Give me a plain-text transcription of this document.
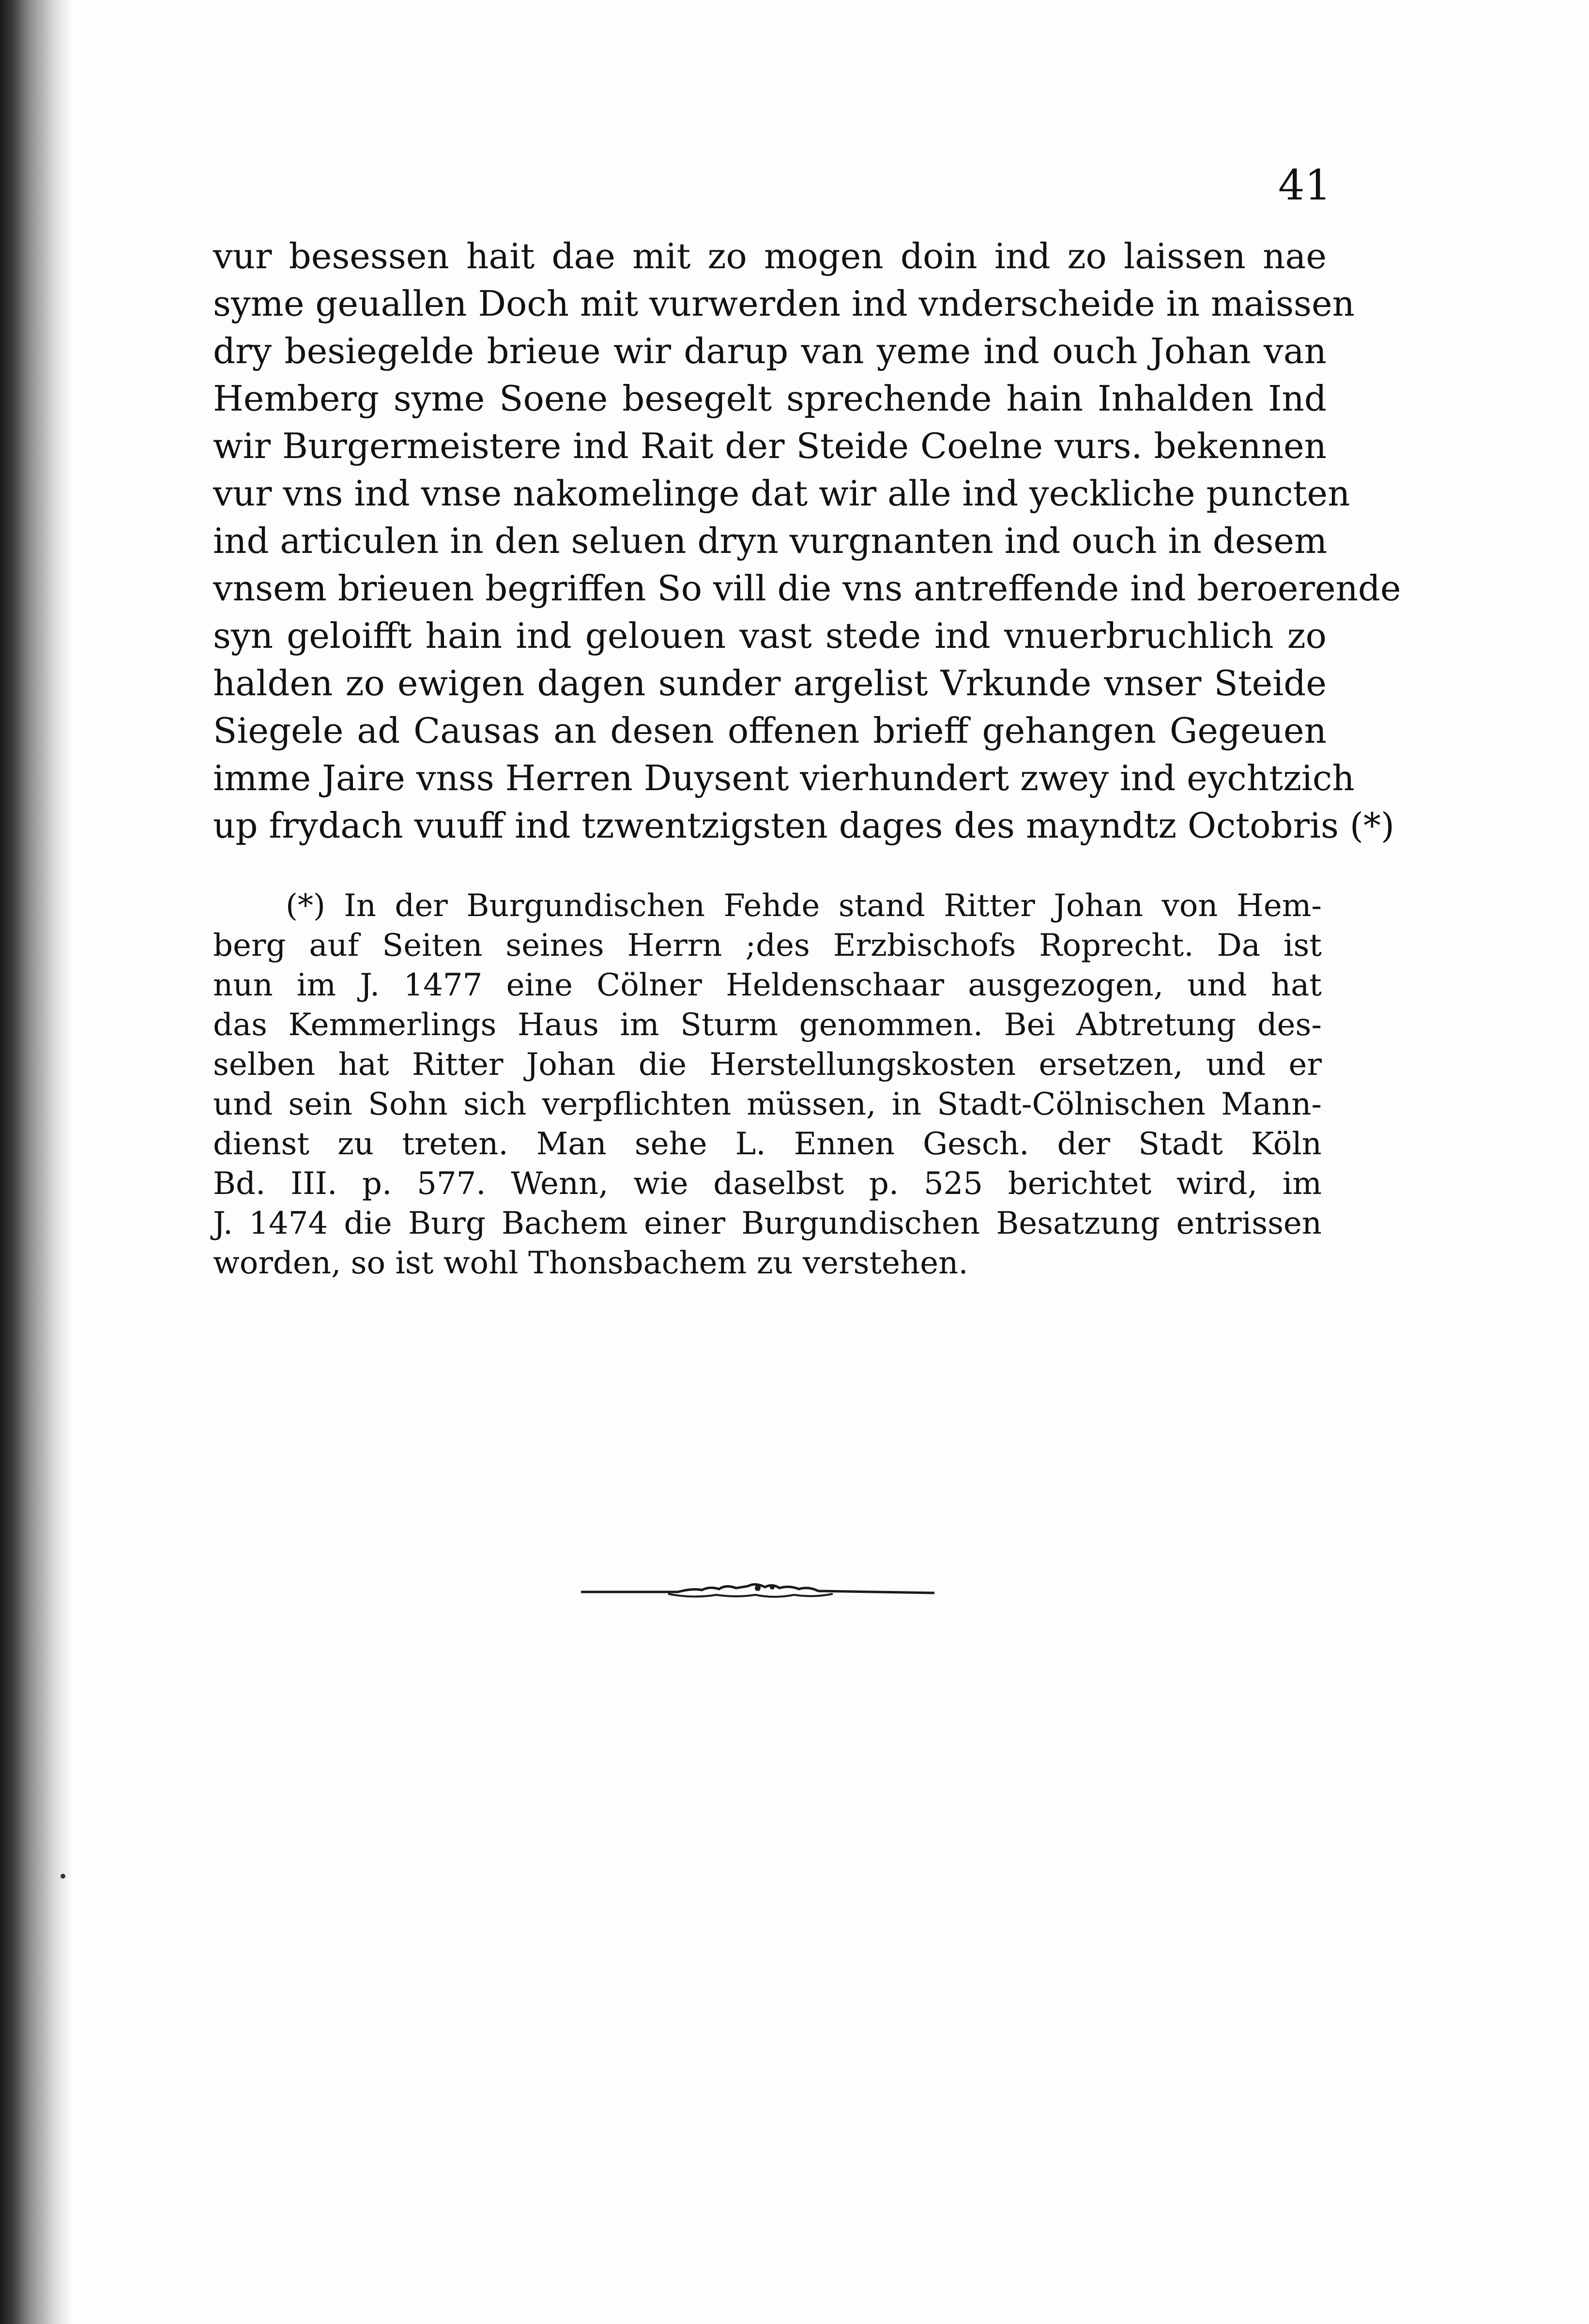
41
vur besessen hait dae mit zo mogen doin ind zo laissen nae
syme geuallen Doch mit vurwerden ind vnderscheide in maissen
dry besiegelde brieue wir darup van yeme ind ouch Johan van
Hemberg syme Soene besegelt sprechende hain Inhalden Ind
wir Burgermeistere ind Rait der Steide Coelne vurs. bekennen
vur vns ind vnse nakomelinge dat wir alle ind yeckliche puncten
ind articulen in den seluen dryn vurgnanten ind ouch in desem
vnsem brieuen begriffen So vill die vns antreffende ind beroerende
syn geloifft hain ind gelouen vast stede ind vnuerbruchlich zo
halden zo ewigen dagen sunder argelist Vrkunde vnser Steide
Siegele ad Causas an desen offenen brieff gehangen Gegeuen
imme Jaire vnss Herren Duysent vierhundert zwey ind eychtzich
up frydach vuuff ind tzwentzigsten dages des mayndtz Octobris (*)
(*) In der Burgundischen Fehde stand Ritter Johan von Hem-
berg auf Seiten seines Herrn ;des Erzbischofs Roprecht. Da ist
nun im J. 1477 eine Cölner Heldenschaar ausgezogen, und hat
das Kemmerlings Haus im Sturm genommen. Bei Abtretung des-
selben hat Ritter Johan die Herstellungskosten ersetzen, und er
und sein Sohn sich verpflichten müssen, in Stadt-Cölnischen Mann-
dienst zu treten. Man sehe L. Ennen Gesch. der Stadt Köln
Bd. III. p. 577. Wenn, wie daselbst p. 525 berichtet wird, im
J. 1474 die Burg Bachem einer Burgundischen Besatzung entrissen
worden, so ist wohl Thonsbachem zu verstehen.
